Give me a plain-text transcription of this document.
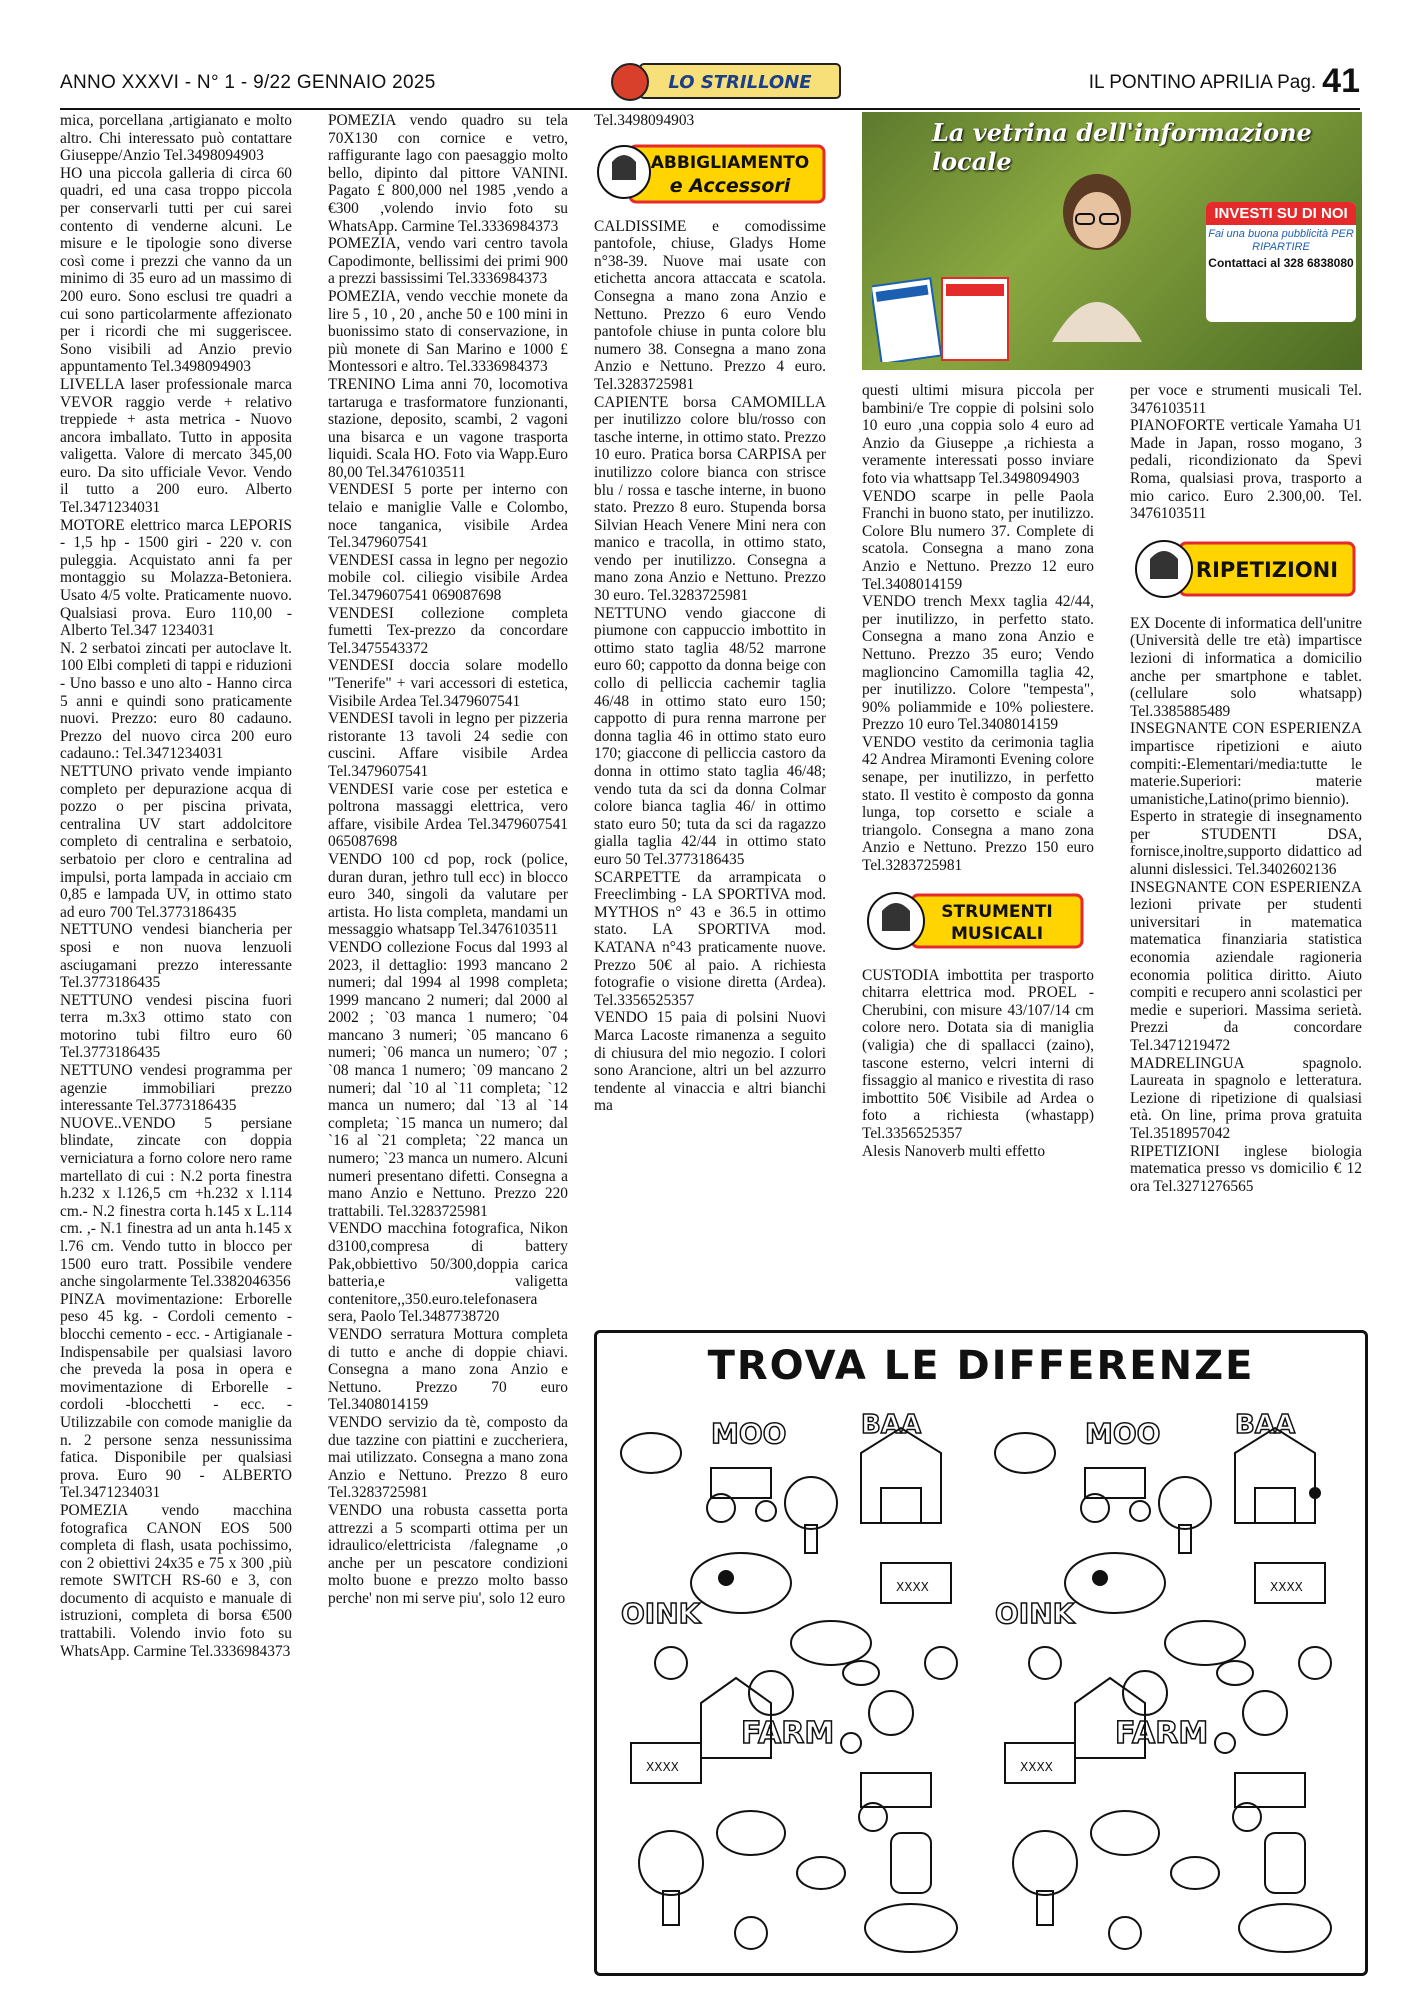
ANNO XXXVI - N° 1 - 9/22 GENNAIO 2025	LO STRILLONE	IL PONTINO APRILIA Pag. 41

mica, porcellana ,artigianato e molto altro. Chi interessato può contattare Giuseppe/Anzio Tel.3498094903

HO una piccola galleria di circa 60 quadri, ed una casa troppo piccola per conservarli tutti per cui sarei contento di venderne alcuni. Le misure e le tipologie sono diverse così come i prezzi che vanno da un minimo di 35 euro ad un massimo di 200 euro. Sono esclusi tre quadri a cui sono particolarmente affezionato per i ricordi che mi suggeriscee. Sono visibili ad Anzio previo appuntamento Tel.3498094903

LIVELLA laser professionale marca VEVOR raggio verde + relativo treppiede + asta metrica - Nuovo ancora imballato. Tutto in apposita valigetta. Valore di mercato 345,00 euro. Da sito ufficiale Vevor. Vendo il tutto a 200 euro. Alberto Tel.3471234031

MOTORE elettrico marca LEPORIS - 1,5 hp - 1500 giri - 220 v. con puleggia. Acquistato anni fa per montaggio su Molazza-Betoniera. Usato 4/5 volte. Praticamente nuovo. Qualsiasi prova. Euro 110,00 - Alberto Tel.347 1234031

N. 2 serbatoi zincati per autoclave lt. 100 Elbi completi di tappi e riduzioni - Uno basso e uno alto - Hanno circa 5 anni e quindi sono praticamente nuovi. Prezzo: euro 80 cadauno. Prezzo del nuovo circa 200 euro cadauno.: Tel.3471234031

NETTUNO privato vende impianto completo per depurazione acqua di pozzo o per piscina privata, centralina UV start addolcitore completo di centralina e serbatoio, serbatoio per cloro e centralina ad impulsi, porta lampada in acciaio cm 0,85 e lampada UV, in ottimo stato ad euro 700 Tel.3773186435

NETTUNO vendesi biancheria per sposi e non nuova lenzuoli asciugamani prezzo interessante Tel.3773186435

NETTUNO vendesi piscina fuori terra m.3x3 ottimo stato con motorino tubi filtro euro 60 Tel.3773186435

NETTUNO vendesi programma per agenzie immobiliari prezzo interessante Tel.3773186435

NUOVE..VENDO 5 persiane blindate, zincate con doppia verniciatura a forno colore nero rame martellato di cui : N.2 porta finestra h.232 x l.126,5 cm +h.232 x l.114 cm.- N.2 finestra corta h.145 x L.114 cm. ,- N.1 finestra ad un anta h.145 x l.76 cm. Vendo tutto in blocco per 1500 euro tratt. Possibile vendere anche singolarmente Tel.3382046356

PINZA movimentazione: Erborelle peso 45 kg. - Cordoli cemento - blocchi cemento - ecc. - Artigianale - Indispensabile per qualsiasi lavoro che preveda la posa in opera e movimentazione di Erborelle - cordoli -blocchetti - ecc. - Utilizzabile con comode maniglie da n. 2 persone senza nessunissima fatica. Disponibile per qualsiasi prova. Euro 90 - ALBERTO Tel.3471234031

POMEZIA vendo macchina fotografica CANON EOS 500 completa di flash, usata pochissimo, con 2 obiettivi 24x35 e 75 x 300 ,più remote SWITCH RS-60 e 3, con documento di acquisto e manuale di istruzioni, completa di borsa €500 trattabili. Volendo invio foto su WhatsApp. Carmine Tel.3336984373

POMEZIA vendo quadro su tela 70X130 con cornice e vetro, raffigurante lago con paesaggio molto bello, dipinto dal pittore VANINI. Pagato £ 800,000 nel 1985 ,vendo a €300 ,volendo invio foto su WhatsApp. Carmine Tel.3336984373

POMEZIA, vendo vari centro tavola Capodimonte, bellissimi dei primi 900 a prezzi bassissimi Tel.3336984373

POMEZIA, vendo vecchie monete da lire 5 , 10 , 20 , anche 50 e 100 mini in buonissimo stato di conservazione, in più monete di San Marino e 1000 £ Montessori e altro. Tel.3336984373

TRENINO Lima anni 70, locomotiva tartaruga e trasformatore funzionanti, stazione, deposito, scambi, 2 vagoni una bisarca e un vagone trasporta liquidi. Scala HO. Foto via Wapp.Euro 80,00 Tel.3476103511

VENDESI 5 porte per interno con telaio e maniglie Valle e Colombo, noce tanganica, visibile Ardea Tel.3479607541

VENDESI cassa in legno per negozio mobile col. ciliegio visibile Ardea Tel.3479607541 069087698

VENDESI collezione completa fumetti Tex-prezzo da concordare Tel.3475543372

VENDESI doccia solare modello "Tenerife" + vari accessori di estetica, Visibile Ardea Tel.3479607541

VENDESI tavoli in legno per pizzeria ristorante 13 tavoli 24 sedie con cuscini. Affare visibile Ardea Tel.3479607541

VENDESI varie cose per estetica e poltrona massaggi elettrica, vero affare, visibile Ardea Tel.3479607541 065087698

VENDO 100 cd pop, rock (police, duran duran, jethro tull ecc) in blocco euro 340, singoli da valutare per artista. Ho lista completa, mandami un messaggio whatsapp Tel.3476103511

VENDO collezione Focus dal 1993 al 2023, il dettaglio: 1993 mancano 2 numeri; dal 1994 al 1998 completa; 1999 mancano 2 numeri; dal 2000 al 2002 ; `03 manca 1 numero; `04 mancano 3 numeri; `05 mancano 6 numeri; `06 manca un numero; `07 ; `08 manca 1 numero; `09 mancano 2 numeri; dal `10 al `11 completa; `12 manca un numero; dal `13 al `14 completa; `15 manca un numero; dal `16 al `21 completa; `22 manca un numero; `23 manca un numero. Alcuni numeri presentano difetti. Consegna a mano Anzio e Nettuno. Prezzo 220 trattabili. Tel.3283725981

VENDO macchina fotografica, Nikon d3100,compresa di battery Pak,obbiettivo 50/300,doppia carica batteria,e valigetta contenitore,,350.euro.telefonasera sera, Paolo Tel.3487738720

VENDO serratura Mottura completa di tutto e anche di doppie chiavi. Consegna a mano zona Anzio e Nettuno. Prezzo 70 euro Tel.3408014159

VENDO servizio da tè, composto da due tazzine con piattini e zuccheriera, mai utilizzato. Consegna a mano zona Anzio e Nettuno. Prezzo 8 euro Tel.3283725981

VENDO una robusta cassetta porta attrezzi a 5 scomparti ottima per un idraulico/elettricista /falegname ,o anche per un pescatore condizioni molto buone e prezzo molto basso perche' non mi serve piu', solo 12 euro

Tel.3498094903

ABBIGLIAMENTO
e Accessori

CALDISSIME e comodissime pantofole, chiuse, Gladys Home n°38-39. Nuove mai usate con etichetta ancora attaccata e scatola. Consegna a mano zona Anzio e Nettuno. Prezzo 6 euro Vendo pantofole chiuse in punta colore blu numero 38. Consegna a mano zona Anzio e Nettuno. Prezzo 4 euro. Tel.3283725981

CAPIENTE borsa CAMOMILLA per inutilizzo colore blu/rosso con tasche interne, in ottimo stato. Prezzo 10 euro. Pratica borsa CARPISA per inutilizzo colore bianca con strisce blu / rossa e tasche interne, in buono stato. Prezzo 8 euro. Stupenda borsa Silvian Heach Venere Mini nera con manico e tracolla, in ottimo stato, vendo per inutilizzo. Consegna a mano zona Anzio e Nettuno. Prezzo 30 euro. Tel.3283725981

NETTUNO vendo giaccone di piumone con cappuccio imbottito in ottimo stato taglia 48/52 marrone euro 60; cappotto da donna beige con collo di pelliccia cachemir taglia 46/48 in ottimo stato euro 150; cappotto di pura renna marrone per donna taglia 46 in ottimo stato euro 170; giaccone di pelliccia castoro da donna in ottimo stato taglia 46/48; vendo tuta da sci da donna Colmar colore bianca taglia 46/ in ottimo stato euro 50; tuta da sci da ragazzo gialla taglia 42/44 in ottimo stato euro 50 Tel.3773186435

SCARPETTE da arrampicata o Freeclimbing - LA SPORTIVA mod. MYTHOS n° 43 e 36.5 in ottimo stato. LA SPORTIVA mod. KATANA n°43 praticamente nuove. Prezzo 50€ al paio. A richiesta fotografie o visione diretta (Ardea). Tel.3356525357

VENDO 15 paia di polsini Nuovi Marca Lacoste rimanenza a seguito di chiusura del mio negozio. I colori sono Arancione, altri un bel azzurro tendente al vinaccia e altri bianchi ma

La vetrina dell'informazione locale
INVESTI SU DI NOI
Fai una buona pubblicità PER RIPARTIRE
Contattaci al 328 6838080

questi ultimi misura piccola per bambini/e Tre coppie di polsini solo 10 euro ,una coppia solo 4 euro ad Anzio da Giuseppe ,a richiesta a veramente interessati posso inviare foto via whattsapp Tel.3498094903

VENDO scarpe in pelle Paola Franchi in buono stato, per inutilizzo. Colore Blu numero 37. Complete di scatola. Consegna a mano zona Anzio e Nettuno. Prezzo 12 euro Tel.3408014159

VENDO trench Mexx taglia 42/44, per inutilizzo, in perfetto stato. Consegna a mano zona Anzio e Nettuno. Prezzo 35 euro; Vendo maglioncino Camomilla taglia 42, per inutilizzo. Colore "tempesta", 90% poliammide e 10% poliestere. Prezzo 10 euro Tel.3408014159

VENDO vestito da cerimonia taglia 42 Andrea Miramonti Evening colore senape, per inutilizzo, in perfetto stato. Il vestito è composto da gonna lunga, top corsetto e sciale a triangolo. Consegna a mano zona Anzio e Nettuno. Prezzo 150 euro Tel.3283725981

STRUMENTI
MUSICALI

CUSTODIA imbottita per trasporto chitarra elettrica mod. PROEL - Cherubini, con misure 43/107/14 cm colore nero. Dotata sia di maniglia (valigia) che di spallacci (zaino), tascone esterno, velcri interni di fissaggio al manico e rivestita di raso imbottito 50€ Visibile ad Ardea o foto a richiesta (whastapp) Tel.3356525357

Alesis Nanoverb multi effetto

per voce e strumenti musicali Tel. 3476103511

PIANOFORTE verticale Yamaha U1 Made in Japan, rosso mogano, 3 pedali, ricondizionato da Spevi Roma, qualsiasi prova, trasporto a mio carico. Euro 2.300,00. Tel. 3476103511

RIPETIZIONI

EX Docente di informatica dell'unitre (Università delle tre età) impartisce lezioni di informatica a domicilio anche per smartphone e tablet. (cellulare solo whatsapp) Tel.3385885489

INSEGNANTE CON ESPERIENZA impartisce ripetizioni e aiuto compiti:-Elementari/media:tutte le materie.Superiori: materie umanistiche,Latino(primo biennio).

Esperto in strategie di insegnamento per STUDENTI DSA, fornisce,inoltre,supporto didattico ad alunni dislessici. Tel.3402602136

INSEGNANTE CON ESPERIENZA lezioni private per studenti universitari in matematica matematica finanziaria statistica economia aziendale ragioneria economia politica diritto. Aiuto compiti e recupero anni scolastici per medie e superiori. Massima serietà. Prezzi da concordare Tel.3471219472

MADRELINGUA spagnolo. Laureata in spagnolo e letteratura. Lezione di ripetizione di qualsiasi età. On line, prima prova gratuita Tel.3518957042

RIPETIZIONI inglese biologia matematica presso vs domicilio € 12 ora Tel.3271276565

TROVA LE DIFFERENZE
MOO	BAA
OINK
FARM
XXXX
XXXX
MOO	BAA
OINK
FARM
XXXX
XXXX
